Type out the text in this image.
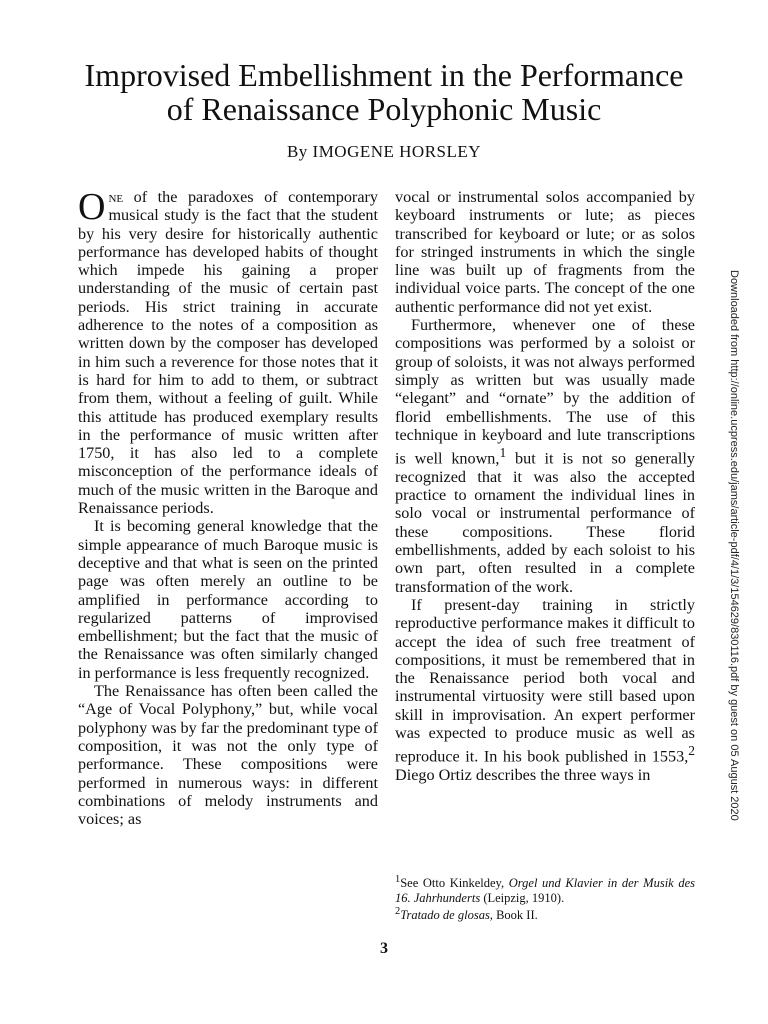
Improvised Embellishment in the Performance
of Renaissance Polyphonic Music
By IMOGENE HORSLEY

One of the paradoxes of contemporary musical study is the fact that the student by his very desire for historically authentic performance has developed habits of thought which impede his gaining a proper understanding of the music of certain past periods. His strict training in accurate adherence to the notes of a composition as written down by the composer has developed in him such a reverence for those notes that it is hard for him to add to them, or subtract from them, without a feeling of guilt. While this attitude has produced exemplary results in the performance of music written after 1750, it has also led to a complete misconception of the performance ideals of much of the music written in the Baroque and Renaissance periods.

It is becoming general knowledge that the simple appearance of much Baroque music is deceptive and that what is seen on the printed page was often merely an outline to be amplified in performance according to regularized patterns of improvised embellishment; but the fact that the music of the Renaissance was often similarly changed in performance is less frequently recognized.

The Renaissance has often been called the “Age of Vocal Polyphony,” but, while vocal polyphony was by far the predominant type of composition, it was not the only type of performance. These compositions were performed in numerous ways: in different combinations of melody instruments and voices; as

vocal or instrumental solos accompanied by keyboard instruments or lute; as pieces transcribed for keyboard or lute; or as solos for stringed instruments in which the single line was built up of fragments from the individual voice parts. The concept of the one authentic performance did not yet exist.

Furthermore, whenever one of these compositions was performed by a soloist or group of soloists, it was not always performed simply as written but was usually made “elegant” and “ornate” by the addition of florid embellishments. The use of this technique in keyboard and lute transcriptions is well known,$^1$ but it is not so generally recognized that it was also the accepted practice to ornament the individual lines in solo vocal or instrumental performance of these compositions. These florid embellishments, added by each soloist to his own part, often resulted in a complete transformation of the work.

If present-day training in strictly reproductive performance makes it difficult to accept the idea of such free treatment of compositions, it must be remembered that in the Renaissance period both vocal and instrumental virtuosity were still based upon skill in improvisation. An expert performer was expected to produce music as well as reproduce it. In his book published in 1553,$^2$ Diego Ortiz describes the three ways in

$^1$See Otto Kinkeldey, Orgel und Klavier in der Musik des 16. Jahrhunderts (Leipzig, 1910).

$^2$Tratado de glosas, Book II.

3
Downloaded from http://online.ucpress.edu/jams/article-pdf/4/1/3/154629/830116.pdf by guest on 05 August 2020
